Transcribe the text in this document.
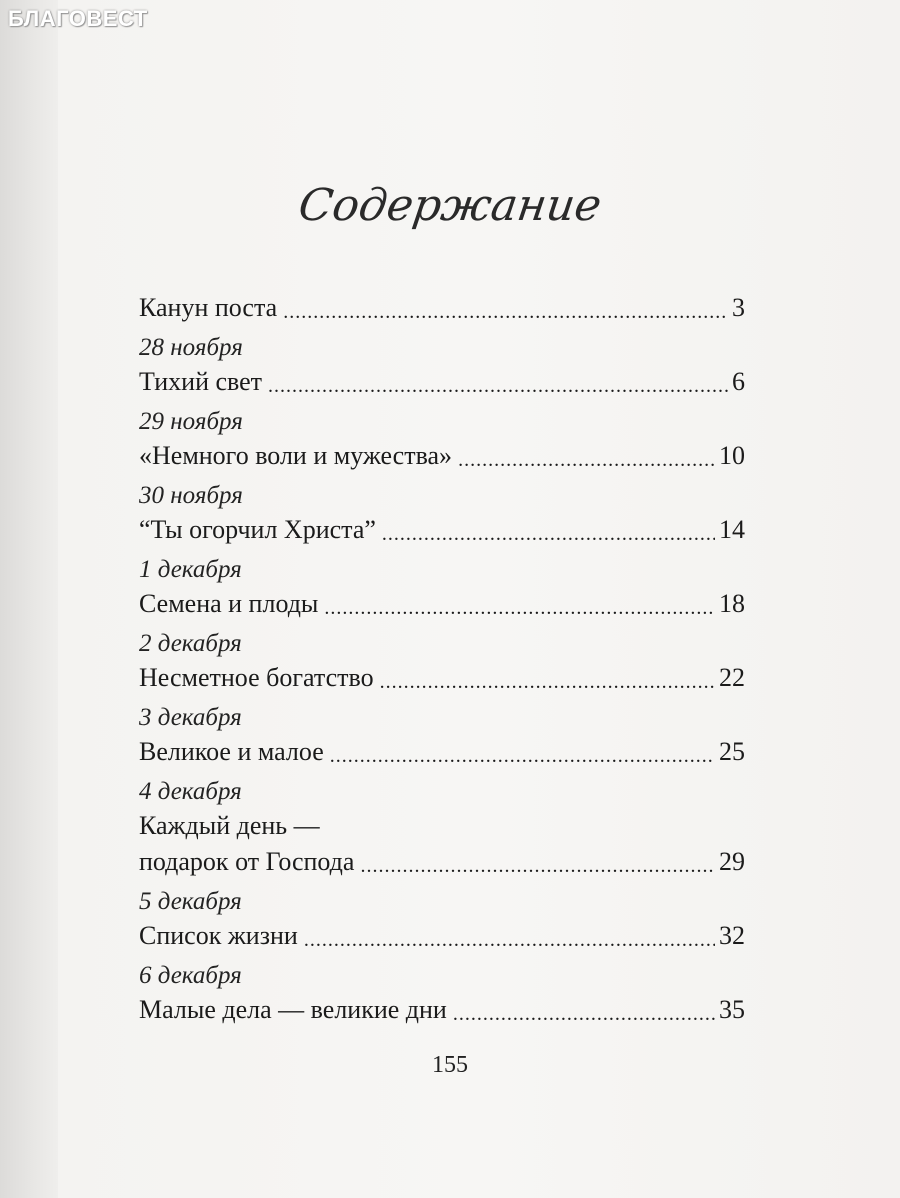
БЛАГОВЕСТ
Содержание
Канун поста . . .	3
28 ноября
Тихий свет . . .	6
29 ноября
«Немного воли и мужества» . . .	10
30 ноября
“Ты огорчил Христа” . . .	14
1 декабря
Семена и плоды . . .	18
2 декабря
Несметное богатство . . .	22
3 декабря
Великое и малое . . .	25
4 декабря
Каждый день —
подарок от Господа . . .	29
5 декабря
Список жизни . . .	32
6 декабря
Малые дела — великие дни . . .	35
155
